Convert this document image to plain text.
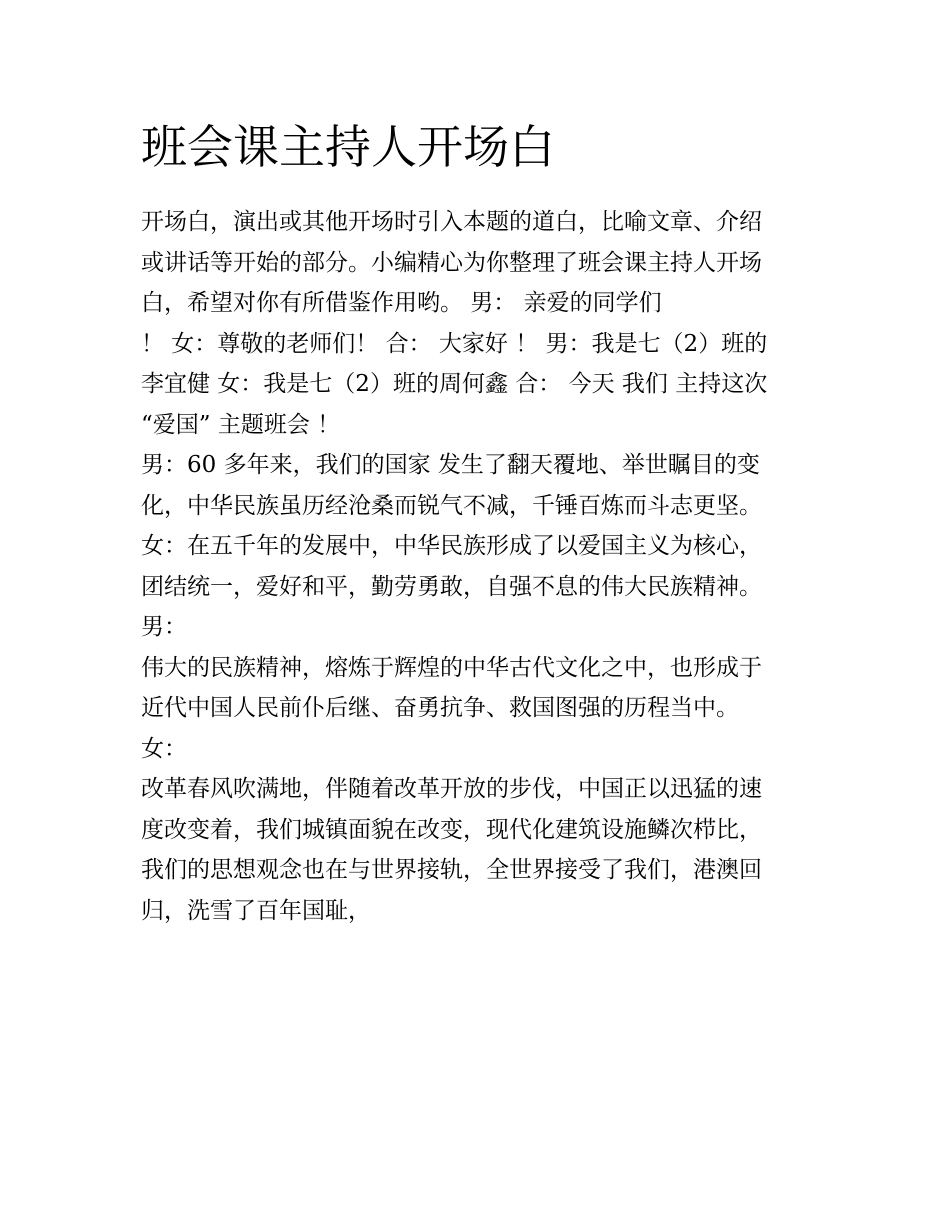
班会课主持人开场白
开场白，演出或其他开场时引入本题的道白，比喻文章、介绍
或讲话等开始的部分。小编精心为你整理了班会课主持人开场
白，希望对你有所借鉴作用哟。 男： 亲爱的同学们
！ 女：尊敬的老师们！ 合： 大家好 ！ 男：我是七（2）班的
李宜健 女：我是七（2）班的周何鑫 合： 今天 我们 主持这次
“爱国” 主题班会 ！
男：60 多年来，我们的国家 发生了翻天覆地、举世瞩目的变
化，中华民族虽历经沧桑而锐气不减，千锤百炼而斗志更坚。
女：在五千年的发展中，中华民族形成了以爱国主义为核心，
团结统一，爱好和平，勤劳勇敢，自强不息的伟大民族精神。
男：
伟大的民族精神，熔炼于辉煌的中华古代文化之中，也形成于
近代中国人民前仆后继、奋勇抗争、救国图强的历程当中。
女：
改革春风吹满地，伴随着改革开放的步伐，中国正以迅猛的速
度改变着，我们城镇面貌在改变，现代化建筑设施鳞次栉比，
我们的思想观念也在与世界接轨，全世界接受了我们，港澳回
归，洗雪了百年国耻，
